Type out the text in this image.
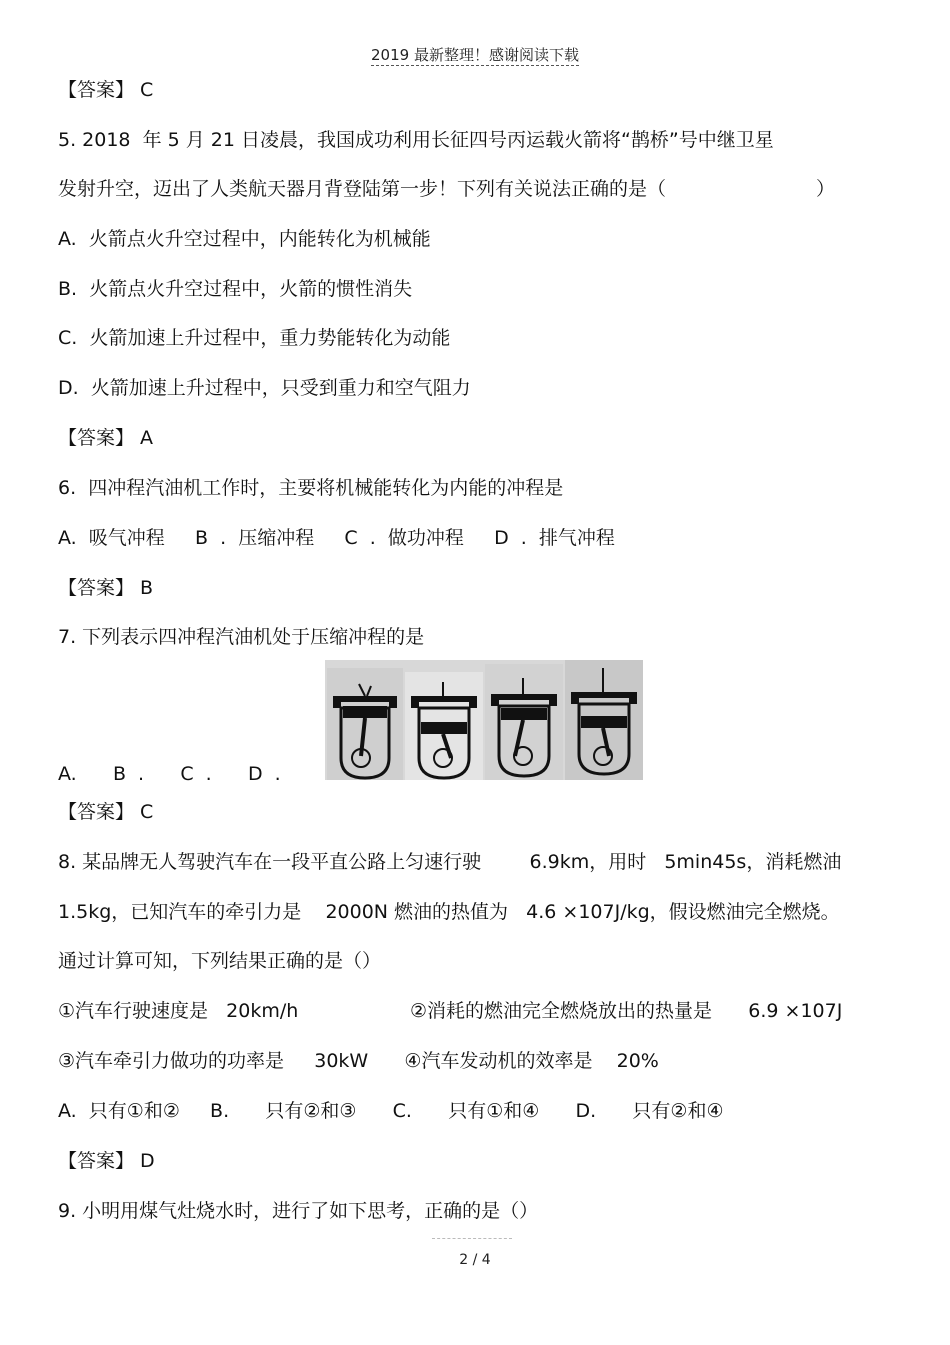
2019 最新整理！感谢阅读下载
【答案】 C
5. 2018  年 5 月 21 日凌晨，我国成功利用长征四号丙运载火箭将“鹊桥”号中继卫星
发射升空，迈出了人类航天器月背登陆第一步！下列有关说法正确的是（	）
A.  火箭点火升空过程中，内能转化为机械能
B.  火箭点火升空过程中，火箭的惯性消失
C.  火箭加速上升过程中，重力势能转化为动能
D.  火箭加速上升过程中，只受到重力和空气阻力
【答案】 A
6.  四冲程汽油机工作时，主要将机械能转化为内能的冲程是
A.  吸气冲程     B  .  压缩冲程     C  .  做功冲程     D  .  排气冲程
【答案】 B
7. 下列表示四冲程汽油机处于压缩冲程的是
A.      B  .      C  .      D  .
【答案】 C
8. 某品牌无人驾驶汽车在一段平直公路上匀速行驶        6.9km，用时   5min45s，消耗燃油
1.5kg，已知汽车的牵引力是    2000N 燃油的热值为   4.6 ×107J/kg，假设燃油完全燃烧。
通过计算可知，下列结果正确的是（）
①汽车行驶速度是   20km/h	②消耗的燃油完全燃烧放出的热量是      6.9 ×107J
③汽车牵引力做功的功率是     30kW      ④汽车发动机的效率是    20%
A.  只有①和②     B.      只有②和③      C.      只有①和④      D.      只有②和④
【答案】 D
9. 小明用煤气灶烧水时，进行了如下思考，正确的是（）
2 / 4
